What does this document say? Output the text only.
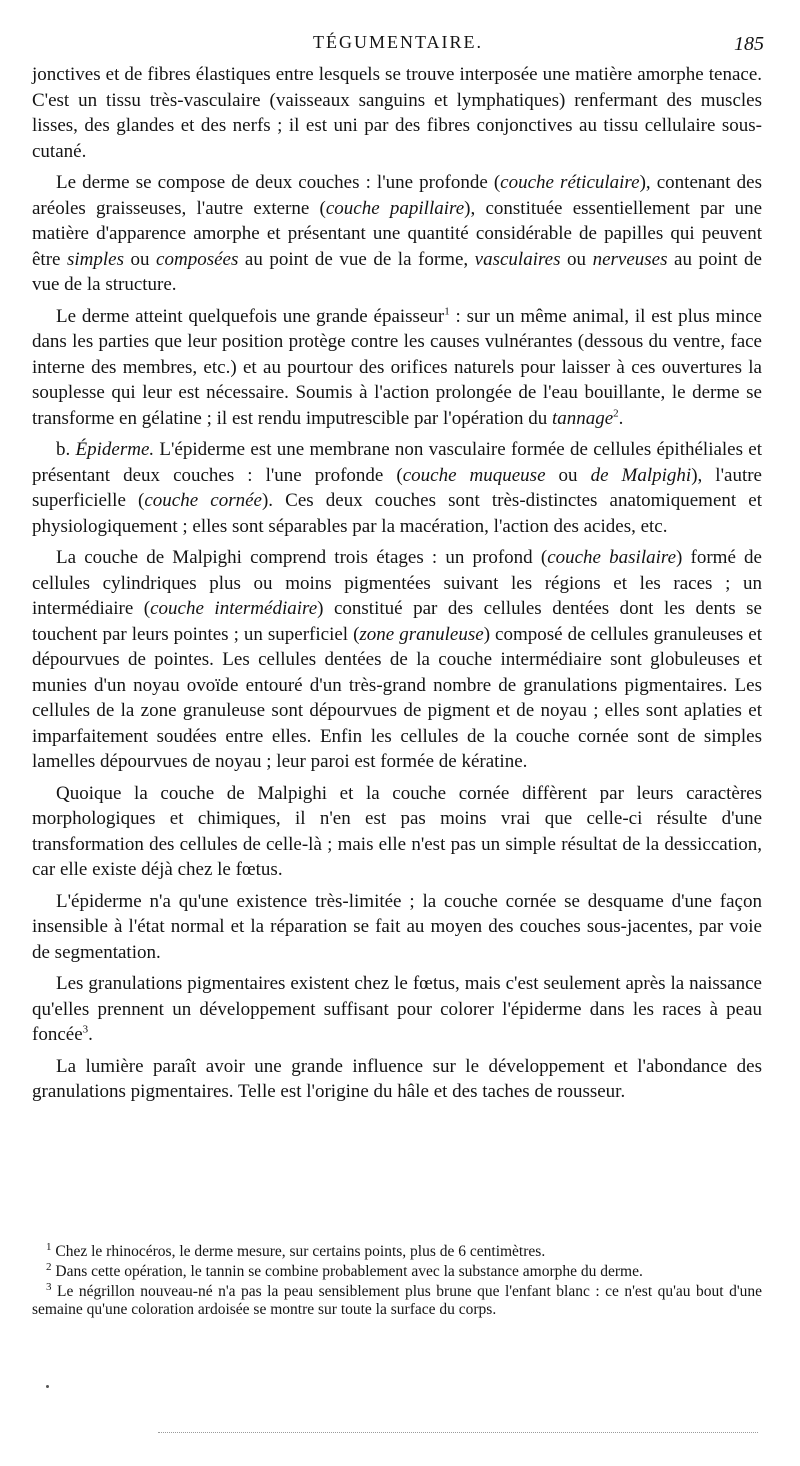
TÉGUMENTAIRE.	185

jonctives et de fibres élastiques entre lesquels se trouve interposée une matière amorphe tenace. C'est un tissu très-vasculaire (vaisseaux sanguins et lymphatiques) renfermant des muscles lisses, des glandes et des nerfs ; il est uni par des fibres conjonctives au tissu cellulaire sous-cutané.

Le derme se compose de deux couches : l'une profonde (couche réticulaire), contenant des aréoles graisseuses, l'autre externe (couche papillaire), constituée essentiellement par une matière d'apparence amorphe et présentant une quantité considérable de papilles qui peuvent être simples ou composées au point de vue de la forme, vasculaires ou nerveuses au point de vue de la structure.

Le derme atteint quelquefois une grande épaisseur$^1$ : sur un même animal, il est plus mince dans les parties que leur position protège contre les causes vulnérantes (dessous du ventre, face interne des membres, etc.) et au pourtour des orifices naturels pour laisser à ces ouvertures la souplesse qui leur est nécessaire. Soumis à l'action prolongée de l'eau bouillante, le derme se transforme en gélatine ; il est rendu imputrescible par l'opération du tannage$^2$.

b. Épiderme. L'épiderme est une membrane non vasculaire formée de cellules épithéliales et présentant deux couches : l'une profonde (couche muqueuse ou de Malpighi), l'autre superficielle (couche cornée). Ces deux couches sont très-distinctes anatomiquement et physiologiquement ; elles sont séparables par la macération, l'action des acides, etc.

La couche de Malpighi comprend trois étages : un profond (couche basilaire) formé de cellules cylindriques plus ou moins pigmentées suivant les régions et les races ; un intermédiaire (couche intermédiaire) constitué par des cellules dentées dont les dents se touchent par leurs pointes ; un superficiel (zone granuleuse) composé de cellules granuleuses et dépourvues de pointes. Les cellules dentées de la couche intermédiaire sont globuleuses et munies d'un noyau ovoïde entouré d'un très-grand nombre de granulations pigmentaires. Les cellules de la zone granuleuse sont dépourvues de pigment et de noyau ; elles sont aplaties et imparfaitement soudées entre elles. Enfin les cellules de la couche cornée sont de simples lamelles dépourvues de noyau ; leur paroi est formée de kératine.

Quoique la couche de Malpighi et la couche cornée diffèrent par leurs caractères morphologiques et chimiques, il n'en est pas moins vrai que celle-ci résulte d'une transformation des cellules de celle-là ; mais elle n'est pas un simple résultat de la dessiccation, car elle existe déjà chez le fœtus.

L'épiderme n'a qu'une existence très-limitée ; la couche cornée se desquame d'une façon insensible à l'état normal et la réparation se fait au moyen des couches sous-jacentes, par voie de segmentation.

Les granulations pigmentaires existent chez le fœtus, mais c'est seulement après la naissance qu'elles prennent un développement suffisant pour colorer l'épiderme dans les races à peau foncée$^3$.

La lumière paraît avoir une grande influence sur le développement et l'abondance des granulations pigmentaires. Telle est l'origine du hâle et des taches de rousseur.

$^1$ Chez le rhinocéros, le derme mesure, sur certains points, plus de 6 centimètres.

$^2$ Dans cette opération, le tannin se combine probablement avec la substance amorphe du derme.

$^3$ Le négrillon nouveau-né n'a pas la peau sensiblement plus brune que l'enfant blanc : ce n'est qu'au bout d'une semaine qu'une coloration ardoisée se montre sur toute la surface du corps.
